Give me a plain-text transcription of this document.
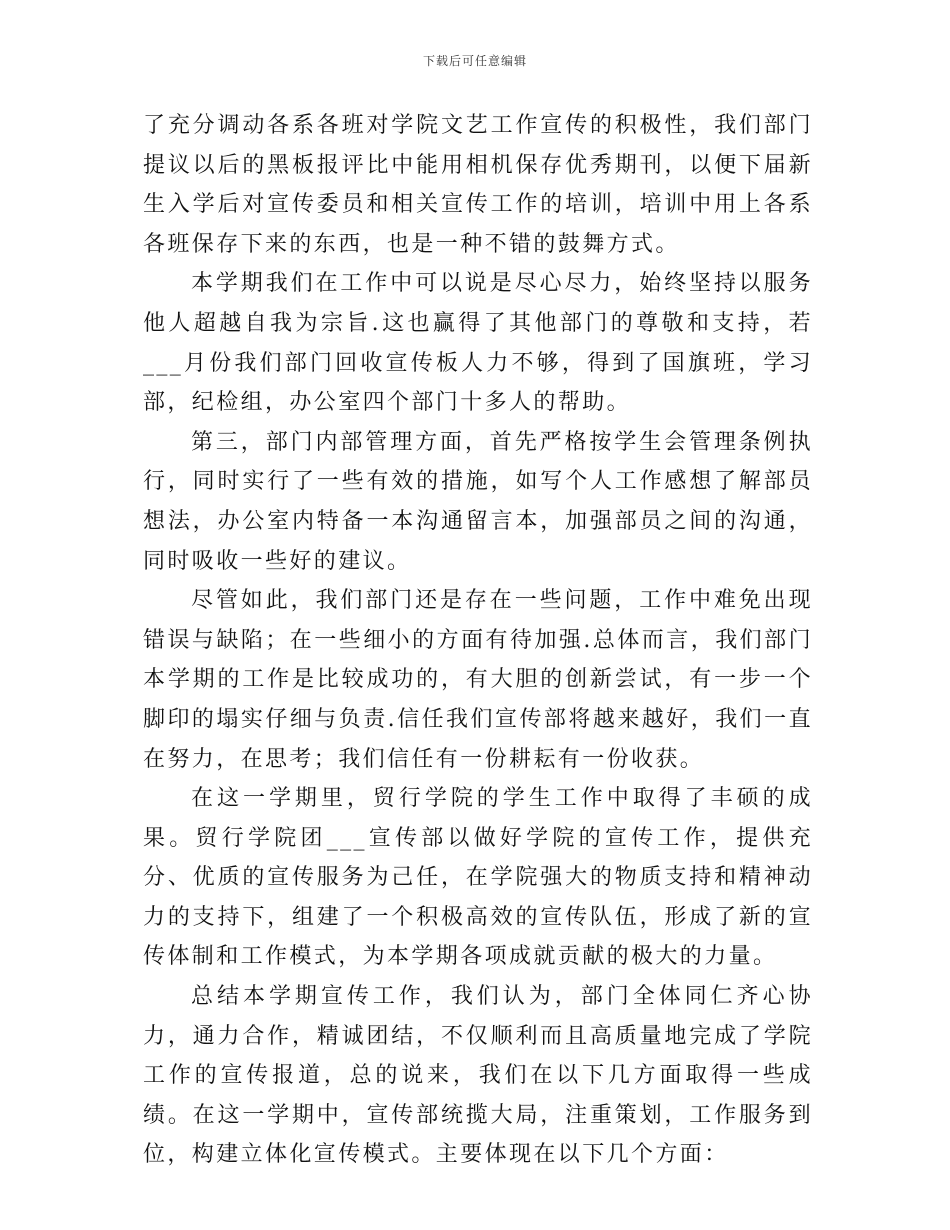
下载后可任意编辑

了充分调动各系各班对学院文艺工作宣传的积极性，我们部门提议以后的黑板报评比中能用相机保存优秀期刊，以便下届新生入学后对宣传委员和相关宣传工作的培训，培训中用上各系各班保存下来的东西，也是一种不错的鼓舞方式。

本学期我们在工作中可以说是尽心尽力，始终坚持以服务他人超越自我为宗旨.这也赢得了其他部门的尊敬和支持，若___月份我们部门回收宣传板人力不够，得到了国旗班，学习部，纪检组，办公室四个部门十多人的帮助。

第三，部门内部管理方面，首先严格按学生会管理条例执行，同时实行了一些有效的措施，如写个人工作感想了解部员想法，办公室内特备一本沟通留言本，加强部员之间的沟通，同时吸收一些好的建议。

尽管如此，我们部门还是存在一些问题，工作中难免出现错误与缺陷；在一些细小的方面有待加强.总体而言，我们部门本学期的工作是比较成功的，有大胆的创新尝试，有一步一个脚印的塌实仔细与负责.信任我们宣传部将越来越好，我们一直在努力，在思考；我们信任有一份耕耘有一份收获。

在这一学期里，贸行学院的学生工作中取得了丰硕的成果。贸行学院团___宣传部以做好学院的宣传工作，提供充分、优质的宣传服务为己任，在学院强大的物质支持和精神动力的支持下，组建了一个积极高效的宣传队伍，形成了新的宣传体制和工作模式，为本学期各项成就贡献的极大的力量。

总结本学期宣传工作，我们认为，部门全体同仁齐心协力，通力合作，精诚团结，不仅顺利而且高质量地完成了学院工作的宣传报道，总的说来，我们在以下几方面取得一些成绩。在这一学期中，宣传部统揽大局，注重策划，工作服务到位，构建立体化宣传模式。主要体现在以下几个方面：
